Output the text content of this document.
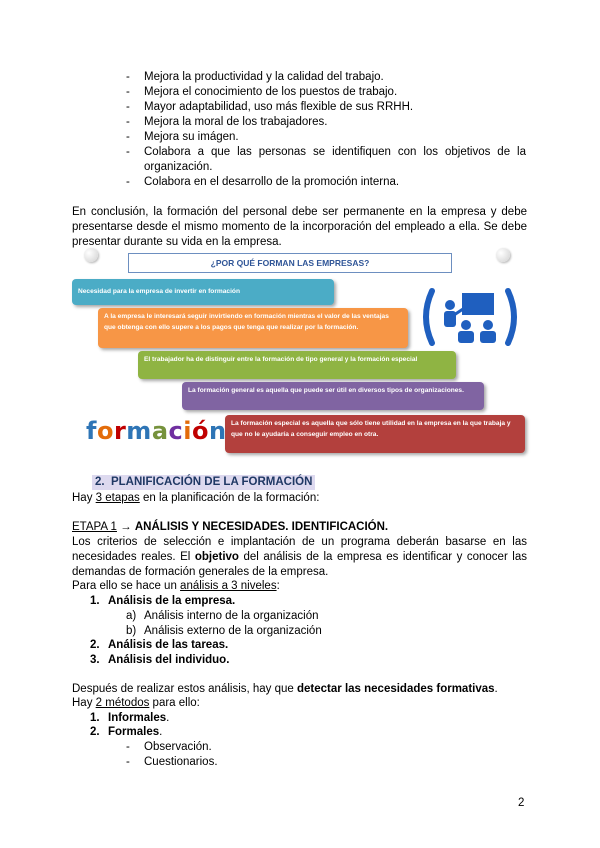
- Mejora la productividad y la calidad del trabajo.
- Mejora el conocimiento de los puestos de trabajo.
- Mayor adaptabilidad, uso más flexible de sus RRHH.
- Mejora la moral de los trabajadores.
- Mejora su imágen.
- Colabora a que las personas se identifiquen con los objetivos de la organización.
- Colabora en el desarrollo de la promoción interna.
En conclusión, la formación del personal debe ser permanente en la empresa y debe presentarse desde el mismo momento de la incorporación del empleado a ella. Se debe presentar durante su vida en la empresa.
¿POR QUÉ FORMAN LAS EMPRESAS?
Necesidad para la empresa de invertir en formación
A la empresa le interesará seguir invirtiendo en formación mientras el valor de las ventajas que obtenga con ello supere a los pagos que tenga que realizar por la formación.
El trabajador ha de distinguir entre la formación de tipo general y la formación especial
La formación general es aquella que puede ser útil en diversos tipos de organizaciones.
La formación especial es aquella que sólo tiene utilidad en la empresa en la que trabaja y que no le ayudaría a conseguir empleo en otra.
formación
2. PLANIFICACIÓN DE LA FORMACIÓN
Hay 3 etapas en la planificación de la formación:
ETAPA 1 → ANÁLISIS Y NECESIDADES. IDENTIFICACIÓN.
Los criterios de selección e implantación de un programa deberán basarse en las necesidades reales. El objetivo del análisis de la empresa es identificar y conocer las demandas de formación generales de la empresa.
Para ello se hace un análisis a 3 niveles:
1. Análisis de la empresa.
a) Análisis interno de la organización
b) Análisis externo de la organización
2. Análisis de las tareas.
3. Análisis del individuo.
Después de realizar estos análisis, hay que detectar las necesidades formativas.
Hay 2 métodos para ello:
1. Informales.
2. Formales.
- Observación.
- Cuestionarios.
2
